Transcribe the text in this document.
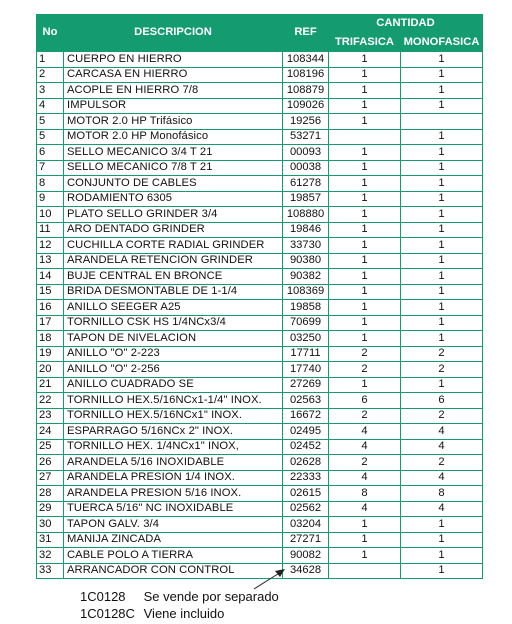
No	DESCRIPCION	REF	CANTIDAD	
			TRIFASICA	MONOFASICA
1	CUERPO EN HIERRO	108344	1	1
2	CARCASA EN HIERRO	108196	1	1
3	ACOPLE EN HIERRO 7/8	108879	1	1
4	IMPULSOR	109026	1	1
5	MOTOR 2.0 HP Trifásico	19256	1	
5	MOTOR 2.0 HP Monofásico	53271		1
6	SELLO MECANICO 3/4 T 21	00093	1	1
7	SELLO MECANICO 7/8 T 21	00038	1	1
8	CONJUNTO DE CABLES	61278	1	1
9	RODAMIENTO 6305	19857	1	1
10	PLATO SELLO GRINDER 3/4	108880	1	1
11	ARO DENTADO GRINDER	19846	1	1
12	CUCHILLA CORTE RADIAL GRINDER	33730	1	1
13	ARANDELA RETENCION GRINDER	90380	1	1
14	BUJE CENTRAL EN BRONCE	90382	1	1
15	BRIDA DESMONTABLE DE 1-1/4	108369	1	1
16	ANILLO SEEGER A25	19858	1	1
17	TORNILLO CSK HS 1/4NCx3/4	70699	1	1
18	TAPON DE NIVELACION	03250	1	1
19	ANILLO "O" 2-223	17711	2	2
20	ANILLO "O" 2-256	17740	2	2
21	ANILLO CUADRADO SE	27269	1	1
22	TORNILLO HEX.5/16NCx1-1/4" INOX.	02563	6	6
23	TORNILLO HEX.5/16NCx1" INOX.	16672	2	2
24	ESPARRAGO 5/16NCx 2" INOX.	02495	4	4
25	TORNILLO HEX. 1/4NCx1" INOX,	02452	4	4
26	ARANDELA 5/16 INOXIDABLE	02628	2	2
27	ARANDELA PRESION 1/4 INOX.	22333	4	4
28	ARANDELA PRESION 5/16 INOX.	02615	8	8
29	TUERCA 5/16" NC INOXIDABLE	02562	4	4
30	TAPON GALV. 3/4	03204	1	1
31	MANIJA ZINCADA	27271	1	1
32	CABLE POLO A TIERRA	90082	1	1
33	ARRANCADOR CON CONTROL	34628		1
1C0128 Se vende por separado
1C0128C Viene incluido
